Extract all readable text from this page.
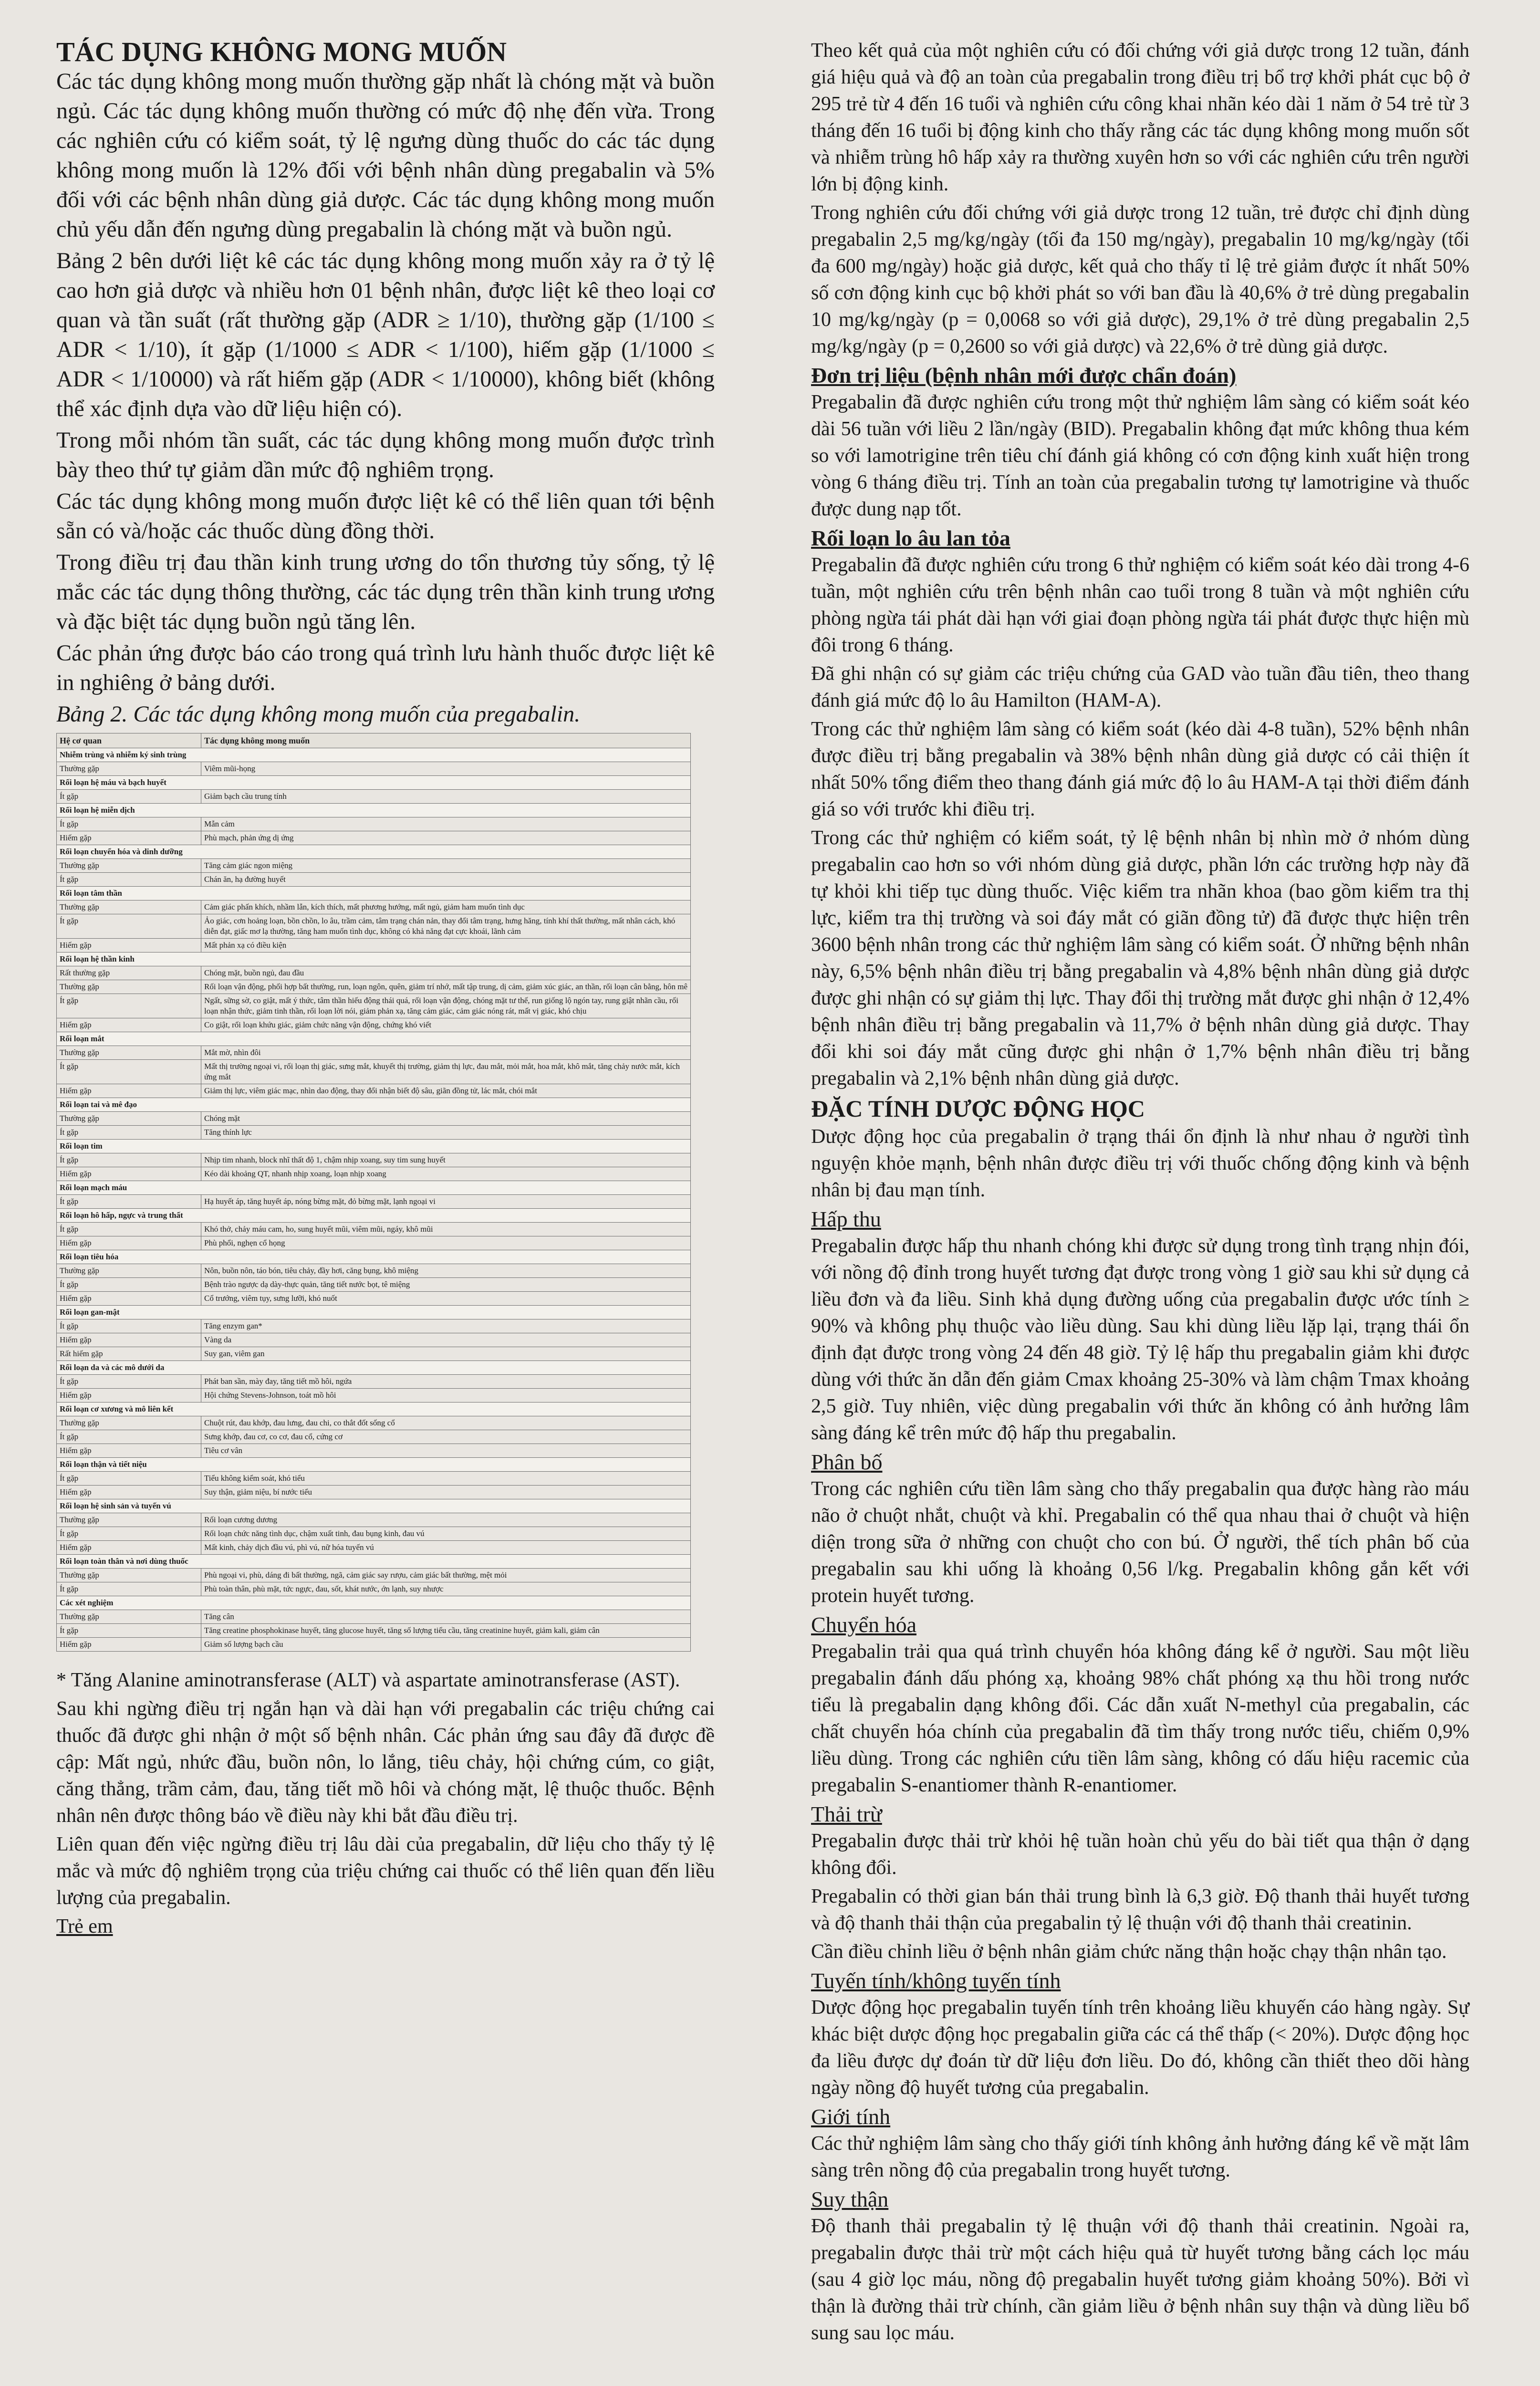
TÁC DỤNG KHÔNG MONG MUỐN

Các tác dụng không mong muốn thường gặp nhất là chóng mặt và buồn ngủ. Các tác dụng không muốn thường có mức độ nhẹ đến vừa. Trong các nghiên cứu có kiểm soát, tỷ lệ ngưng dùng thuốc do các tác dụng không mong muốn là 12% đối với bệnh nhân dùng pregabalin và 5% đối với các bệnh nhân dùng giả dược. Các tác dụng không mong muốn chủ yếu dẫn đến ngưng dùng pregabalin là chóng mặt và buồn ngủ.

Bảng 2 bên dưới liệt kê các tác dụng không mong muốn xảy ra ở tỷ lệ cao hơn giả dược và nhiều hơn 01 bệnh nhân, được liệt kê theo loại cơ quan và tần suất (rất thường gặp (ADR ≥ 1/10), thường gặp (1/100 ≤ ADR < 1/10), ít gặp (1/1000 ≤ ADR < 1/100), hiếm gặp (1/1000 ≤ ADR < 1/10000) và rất hiếm gặp (ADR < 1/10000), không biết (không thể xác định dựa vào dữ liệu hiện có).

Trong mỗi nhóm tần suất, các tác dụng không mong muốn được trình bày theo thứ tự giảm dần mức độ nghiêm trọng.

Các tác dụng không mong muốn được liệt kê có thể liên quan tới bệnh sẵn có và/hoặc các thuốc dùng đồng thời.

Trong điều trị đau thần kinh trung ương do tổn thương tủy sống, tỷ lệ mắc các tác dụng thông thường, các tác dụng trên thần kinh trung ương và đặc biệt tác dụng buồn ngủ tăng lên.

Các phản ứng được báo cáo trong quá trình lưu hành thuốc được liệt kê in nghiêng ở bảng dưới.

Bảng 2. Các tác dụng không mong muốn của pregabalin.
Hệ cơ quan	Tác dụng không mong muốn
Nhiễm trùng và nhiễm ký sinh trùng	
Thường gặp	Viêm mũi-họng
Rối loạn hệ máu và bạch huyết	
Ít gặp	Giảm bạch cầu trung tính
Rối loạn hệ miễn dịch	
Ít gặp	Mẫn cảm
Hiếm gặp	Phù mạch, phản ứng dị ứng
Rối loạn chuyển hóa và dinh dưỡng	
Thường gặp	Tăng cảm giác ngon miệng
Ít gặp	Chán ăn, hạ đường huyết
Rối loạn tâm thần	
Thường gặp	Cảm giác phấn khích, nhầm lẫn, kích thích, mất phương hướng, mất ngủ, giảm ham muốn tình dục
Ít gặp	Ảo giác, cơn hoảng loạn, bồn chồn, lo âu, trầm cảm, tâm trạng chán nản, thay đổi tâm trạng, hưng hăng, tính khí thất thường, mất nhân cách, khó diễn đạt, giấc mơ lạ thường, tăng ham muốn tình dục, không có khả năng đạt cực khoái, lãnh cảm
Hiếm gặp	Mất phản xạ có điều kiện
Rối loạn hệ thần kinh	
Rất thường gặp	Chóng mặt, buồn ngủ, đau đầu
Thường gặp	Rối loạn vận động, phối hợp bất thường, run, loạn ngôn, quên, giảm trí nhớ, mất tập trung, dị cảm, giảm xúc giác, an thần, rối loạn cân bằng, hôn mê
Ít gặp	Ngất, sững sờ, co giật, mất ý thức, tâm thần hiếu động thái quá, rối loạn vận động, chóng mặt tư thế, run giống lộ ngón tay, rung giật nhãn cầu, rối loạn nhận thức, giảm tinh thần, rối loạn lời nói, giảm phản xạ, tăng cảm giác, cảm giác nóng rát, mất vị giác, khó chịu
Hiếm gặp	Co giật, rối loạn khứu giác, giảm chức năng vận động, chứng khó viết
Rối loạn mắt	
Thường gặp	Mắt mờ, nhìn đôi
Ít gặp	Mất thị trường ngoại vi, rối loạn thị giác, sưng mắt, khuyết thị trường, giảm thị lực, đau mắt, mỏi mắt, hoa mắt, khô mắt, tăng chảy nước mắt, kích ứng mắt
Hiếm gặp	Giảm thị lực, viêm giác mạc, nhìn dao động, thay đổi nhận biết độ sâu, giãn đồng tử, lác mắt, chói mắt
Rối loạn tai và mê đạo	
Thường gặp	Chóng mặt
Ít gặp	Tăng thính lực
Rối loạn tim	
Ít gặp	Nhịp tim nhanh, block nhĩ thất độ 1, chậm nhịp xoang, suy tim sung huyết
Hiếm gặp	Kéo dài khoảng QT, nhanh nhịp xoang, loạn nhịp xoang
Rối loạn mạch máu	
Ít gặp	Hạ huyết áp, tăng huyết áp, nóng bừng mặt, đỏ bừng mặt, lạnh ngoại vi
Rối loạn hô hấp, ngực và trung thất	
Ít gặp	Khó thở, chảy máu cam, ho, sung huyết mũi, viêm mũi, ngáy, khô mũi
Hiếm gặp	Phù phổi, nghẹn cổ họng
Rối loạn tiêu hóa	
Thường gặp	Nôn, buồn nôn, táo bón, tiêu chảy, đầy hơi, căng bụng, khô miệng
Ít gặp	Bệnh trào ngược dạ dày-thực quản, tăng tiết nước bọt, tê miệng
Hiếm gặp	Cổ trướng, viêm tụy, sưng lưỡi, khó nuốt
Rối loạn gan-mật	
Ít gặp	Tăng enzym gan*
Hiếm gặp	Vàng da
Rất hiếm gặp	Suy gan, viêm gan
Rối loạn da và các mô dưới da	
Ít gặp	Phát ban sần, mày đay, tăng tiết mồ hôi, ngứa
Hiếm gặp	Hội chứng Stevens-Johnson, toát mồ hôi
Rối loạn cơ xương và mô liên kết	
Thường gặp	Chuột rút, đau khớp, đau lưng, đau chi, co thắt đốt sống cổ
Ít gặp	Sưng khớp, đau cơ, co cơ, đau cổ, cứng cơ
Hiếm gặp	Tiêu cơ vân
Rối loạn thận và tiết niệu	
Ít gặp	Tiểu không kiểm soát, khó tiểu
Hiếm gặp	Suy thận, giảm niệu, bí nước tiểu
Rối loạn hệ sinh sản và tuyến vú	
Thường gặp	Rối loạn cương dương
Ít gặp	Rối loạn chức năng tình dục, chậm xuất tinh, đau bụng kinh, đau vú
Hiếm gặp	Mất kinh, chảy dịch đầu vú, phì vú, nữ hóa tuyến vú
Rối loạn toàn thân và nơi dùng thuốc	
Thường gặp	Phù ngoại vi, phù, dáng đi bất thường, ngã, cảm giác say rượu, cảm giác bất thường, mệt mỏi
Ít gặp	Phù toàn thân, phù mặt, tức ngực, đau, sốt, khát nước, ớn lạnh, suy nhược
Các xét nghiệm	
Thường gặp	Tăng cân
Ít gặp	Tăng creatine phosphokinase huyết, tăng glucose huyết, tăng số lượng tiểu cầu, tăng creatinine huyết, giảm kali, giảm cân
Hiếm gặp	Giảm số lượng bạch cầu

* Tăng Alanine aminotransferase (ALT) và aspartate aminotransferase (AST).

Sau khi ngừng điều trị ngắn hạn và dài hạn với pregabalin các triệu chứng cai thuốc đã được ghi nhận ở một số bệnh nhân. Các phản ứng sau đây đã được đề cập: Mất ngủ, nhức đầu, buồn nôn, lo lắng, tiêu chảy, hội chứng cúm, co giật, căng thẳng, trầm cảm, đau, tăng tiết mồ hôi và chóng mặt, lệ thuộc thuốc. Bệnh nhân nên được thông báo về điều này khi bắt đầu điều trị.

Liên quan đến việc ngừng điều trị lâu dài của pregabalin, dữ liệu cho thấy tỷ lệ mắc và mức độ nghiêm trọng của triệu chứng cai thuốc có thể liên quan đến liều lượng của pregabalin.

Trẻ em

Theo kết quả của một nghiên cứu có đối chứng với giả dược trong 12 tuần, đánh giá hiệu quả và độ an toàn của pregabalin trong điều trị bổ trợ khởi phát cục bộ ở 295 trẻ từ 4 đến 16 tuổi và nghiên cứu công khai nhãn kéo dài 1 năm ở 54 trẻ từ 3 tháng đến 16 tuổi bị động kinh cho thấy rằng các tác dụng không mong muốn sốt và nhiễm trùng hô hấp xảy ra thường xuyên hơn so với các nghiên cứu trên người lớn bị động kinh.

Trong nghiên cứu đối chứng với giả dược trong 12 tuần, trẻ được chỉ định dùng pregabalin 2,5 mg/kg/ngày (tối đa 150 mg/ngày), pregabalin 10 mg/kg/ngày (tối đa 600 mg/ngày) hoặc giả dược, kết quả cho thấy tỉ lệ trẻ giảm được ít nhất 50% số cơn động kinh cục bộ khởi phát so với ban đầu là 40,6% ở trẻ dùng pregabalin 10 mg/kg/ngày (p = 0,0068 so với giả dược), 29,1% ở trẻ dùng pregabalin 2,5 mg/kg/ngày (p = 0,2600 so với giả dược) và 22,6% ở trẻ dùng giả dược.

Đơn trị liệu (bệnh nhân mới được chẩn đoán)

Pregabalin đã được nghiên cứu trong một thử nghiệm lâm sàng có kiểm soát kéo dài 56 tuần với liều 2 lần/ngày (BID). Pregabalin không đạt mức không thua kém so với lamotrigine trên tiêu chí đánh giá không có cơn động kinh xuất hiện trong vòng 6 tháng điều trị. Tính an toàn của pregabalin tương tự lamotrigine và thuốc được dung nạp tốt.

Rối loạn lo âu lan tỏa

Pregabalin đã được nghiên cứu trong 6 thử nghiệm có kiểm soát kéo dài trong 4-6 tuần, một nghiên cứu trên bệnh nhân cao tuổi trong 8 tuần và một nghiên cứu phòng ngừa tái phát dài hạn với giai đoạn phòng ngừa tái phát được thực hiện mù đôi trong 6 tháng.

Đã ghi nhận có sự giảm các triệu chứng của GAD vào tuần đầu tiên, theo thang đánh giá mức độ lo âu Hamilton (HAM-A).

Trong các thử nghiệm lâm sàng có kiểm soát (kéo dài 4-8 tuần), 52% bệnh nhân được điều trị bằng pregabalin và 38% bệnh nhân dùng giả dược có cải thiện ít nhất 50% tổng điểm theo thang đánh giá mức độ lo âu HAM-A tại thời điểm đánh giá so với trước khi điều trị.

Trong các thử nghiệm có kiểm soát, tỷ lệ bệnh nhân bị nhìn mờ ở nhóm dùng pregabalin cao hơn so với nhóm dùng giả dược, phần lớn các trường hợp này đã tự khỏi khi tiếp tục dùng thuốc. Việc kiểm tra nhãn khoa (bao gồm kiểm tra thị lực, kiểm tra thị trường và soi đáy mắt có giãn đồng tử) đã được thực hiện trên 3600 bệnh nhân trong các thử nghiệm lâm sàng có kiểm soát. Ở những bệnh nhân này, 6,5% bệnh nhân điều trị bằng pregabalin và 4,8% bệnh nhân dùng giả dược được ghi nhận có sự giảm thị lực. Thay đổi thị trường mắt được ghi nhận ở 12,4% bệnh nhân điều trị bằng pregabalin và 11,7% ở bệnh nhân dùng giả dược. Thay đổi khi soi đáy mắt cũng được ghi nhận ở 1,7% bệnh nhân điều trị bằng pregabalin và 2,1% bệnh nhân dùng giả dược.

ĐẶC TÍNH DƯỢC ĐỘNG HỌC

Dược động học của pregabalin ở trạng thái ổn định là như nhau ở người tình nguyện khỏe mạnh, bệnh nhân được điều trị với thuốc chống động kinh và bệnh nhân bị đau mạn tính.

Hấp thu

Pregabalin được hấp thu nhanh chóng khi được sử dụng trong tình trạng nhịn đói, với nồng độ đỉnh trong huyết tương đạt được trong vòng 1 giờ sau khi sử dụng cả liều đơn và đa liều. Sinh khả dụng đường uống của pregabalin được ước tính ≥ 90% và không phụ thuộc vào liều dùng. Sau khi dùng liều lặp lại, trạng thái ổn định đạt được trong vòng 24 đến 48 giờ. Tỷ lệ hấp thu pregabalin giảm khi được dùng với thức ăn dẫn đến giảm Cmax khoảng 25-30% và làm chậm Tmax khoảng 2,5 giờ. Tuy nhiên, việc dùng pregabalin với thức ăn không có ảnh hưởng lâm sàng đáng kể trên mức độ hấp thu pregabalin.

Phân bố

Trong các nghiên cứu tiền lâm sàng cho thấy pregabalin qua được hàng rào máu não ở chuột nhắt, chuột và khỉ. Pregabalin có thể qua nhau thai ở chuột và hiện diện trong sữa ở những con chuột cho con bú. Ở người, thể tích phân bố của pregabalin sau khi uống là khoảng 0,56 l/kg. Pregabalin không gắn kết với protein huyết tương.

Chuyển hóa

Pregabalin trải qua quá trình chuyển hóa không đáng kể ở người. Sau một liều pregabalin đánh dấu phóng xạ, khoảng 98% chất phóng xạ thu hồi trong nước tiểu là pregabalin dạng không đổi. Các dẫn xuất N-methyl của pregabalin, các chất chuyển hóa chính của pregabalin đã tìm thấy trong nước tiểu, chiếm 0,9% liều dùng. Trong các nghiên cứu tiền lâm sàng, không có dấu hiệu racemic của pregabalin S-enantiomer thành R-enantiomer.

Thải trừ

Pregabalin được thải trừ khỏi hệ tuần hoàn chủ yếu do bài tiết qua thận ở dạng không đổi.

Pregabalin có thời gian bán thải trung bình là 6,3 giờ. Độ thanh thải huyết tương và độ thanh thải thận của pregabalin tỷ lệ thuận với độ thanh thải creatinin.

Cần điều chỉnh liều ở bệnh nhân giảm chức năng thận hoặc chạy thận nhân tạo.

Tuyến tính/không tuyến tính

Dược động học pregabalin tuyến tính trên khoảng liều khuyến cáo hàng ngày. Sự khác biệt dược động học pregabalin giữa các cá thể thấp (< 20%). Dược động học đa liều được dự đoán từ dữ liệu đơn liều. Do đó, không cần thiết theo dõi hàng ngày nồng độ huyết tương của pregabalin.

Giới tính

Các thử nghiệm lâm sàng cho thấy giới tính không ảnh hưởng đáng kể về mặt lâm sàng trên nồng độ của pregabalin trong huyết tương.

Suy thận

Độ thanh thải pregabalin tỷ lệ thuận với độ thanh thải creatinin. Ngoài ra, pregabalin được thải trừ một cách hiệu quả từ huyết tương bằng cách lọc máu (sau 4 giờ lọc máu, nồng độ pregabalin huyết tương giảm khoảng 50%). Bởi vì thận là đường thải trừ chính, cần giảm liều ở bệnh nhân suy thận và dùng liều bổ sung sau lọc máu.
